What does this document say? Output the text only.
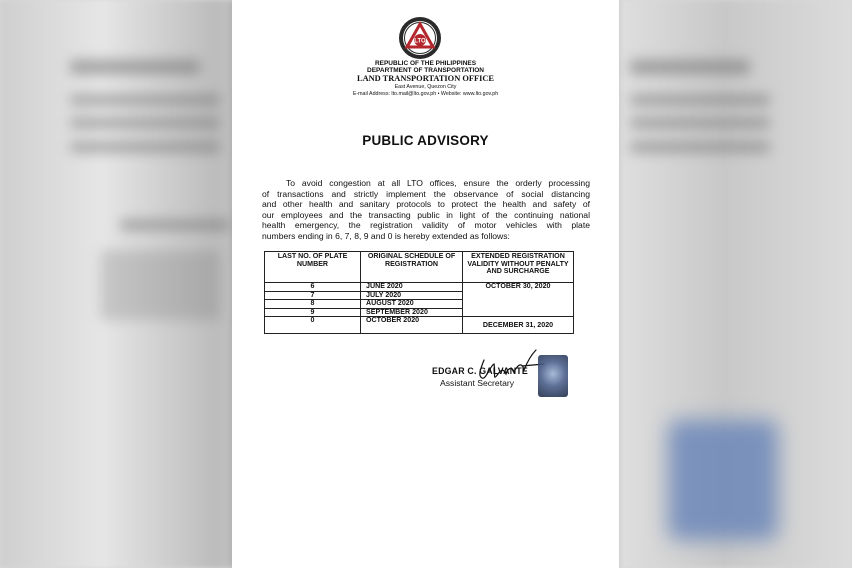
LTO
REPUBLIC OF THE PHILIPPINES
DEPARTMENT OF TRANSPORTATION
LAND TRANSPORTATION OFFICE
East Avenue, Quezon City
E-mail Address: lto.mail@lto.gov.ph • Website: www.lto.gov.ph
PUBLIC ADVISORY
To avoid congestion at all LTO offices, ensure the orderly processing
of transactions and strictly implement the observance of social distancing
and other health and sanitary protocols to protect the health and safety of
our employees and the transacting public in light of the continuing national
health emergency, the registration validity of motor vehicles with plate
numbers ending in 6, 7, 8, 9 and 0 is hereby extended as follows:
LAST NO. OF PLATE NUMBER	ORIGINAL SCHEDULE OF REGISTRATION	EXTENDED REGISTRATION VALIDITY WITHOUT PENALTY AND SURCHARGE
6	JUNE 2020	OCTOBER 30, 2020
7	JULY 2020	
8	AUGUST 2020	
9	SEPTEMBER 2020	
0	OCTOBER 2020	DECEMBER 31, 2020
EDGAR C. GALVANTE
Assistant Secretary
